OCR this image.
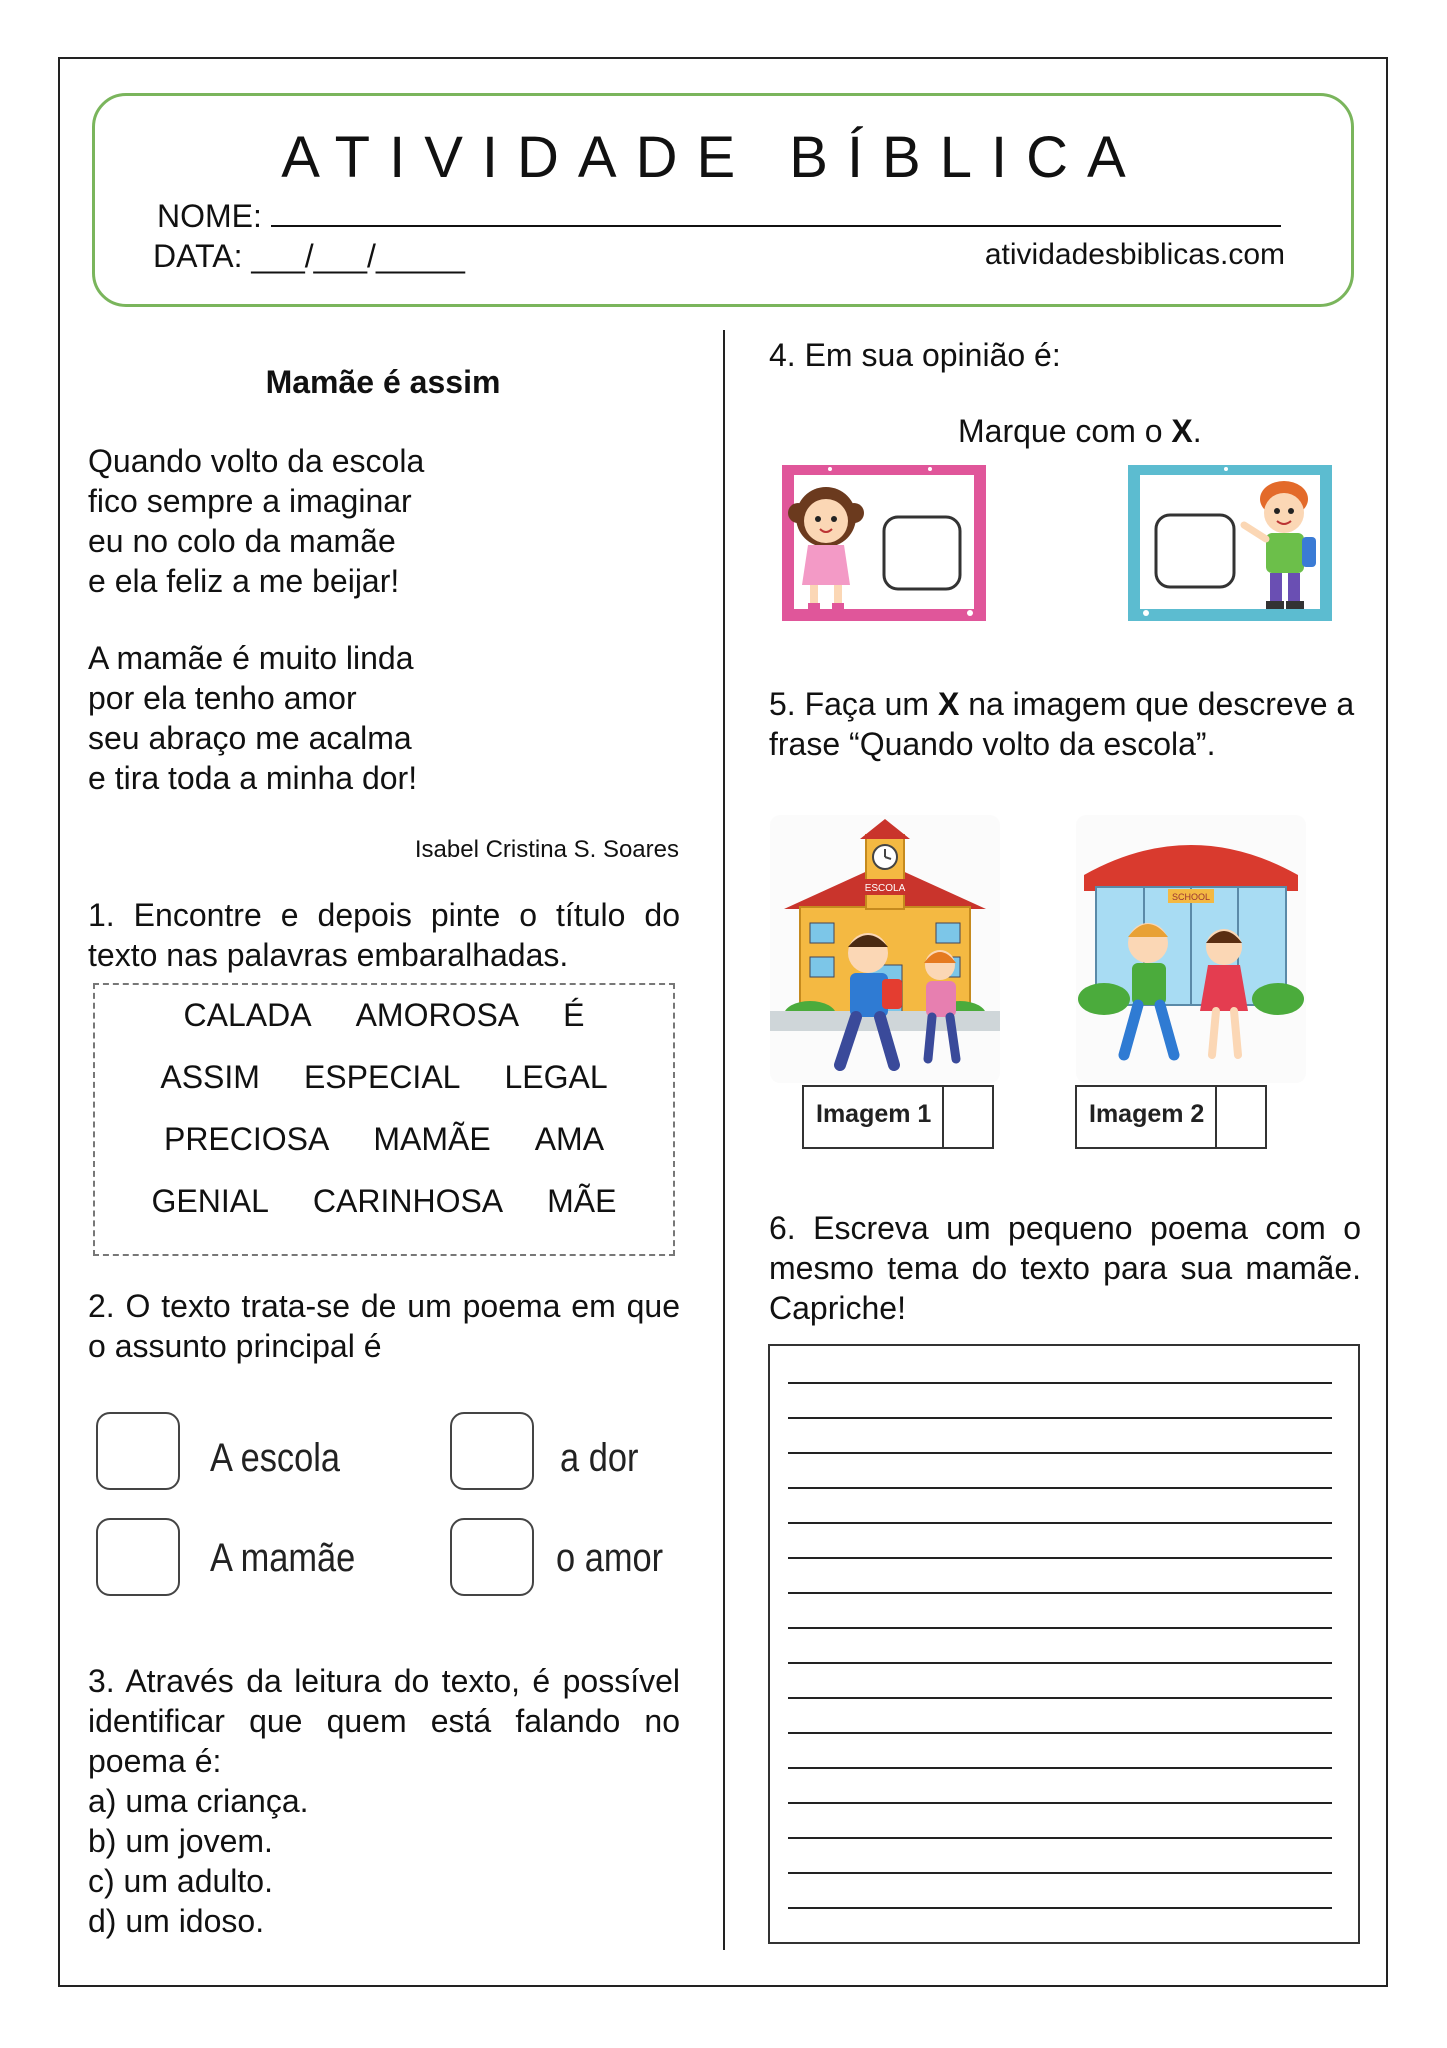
ATIVIDADE BÍBLICA
NOME:
DATA: ___/___/_____	atividadesbiblicas.com
Mamãe é assim
Quando volto da escola
fico sempre a imaginar
eu no colo da mamãe
e ela feliz a me beijar!
A mamãe é muito linda
por ela tenho amor
seu abraço me acalma
e tira toda a minha dor!
Isabel Cristina S. Soares
1. Encontre e depois pinte o título do texto nas palavras embaralhadas.
CALADA AMOROSA É
ASSIM ESPECIAL LEGAL
PRECIOSA MAMÃE AMA
GENIAL CARINHOSA MÃE
2. O texto trata-se de um poema em que o assunto principal é
A escola	a dor
A mamãe	o amor
3. Através da leitura do texto, é possível identificar que quem está falando no poema é:
a) uma criança.
b) um jovem.
c) um adulto.
d) um idoso.
4. Em sua opinião é:
Marque com o X.
5. Faça um X na imagem que descreve a frase “Quando volto da escola”.
ESCOLA
Imagem 1
SCHOOL
Imagem 2
6. Escreva um pequeno poema com o mesmo tema do texto para sua mamãe. Capriche!
